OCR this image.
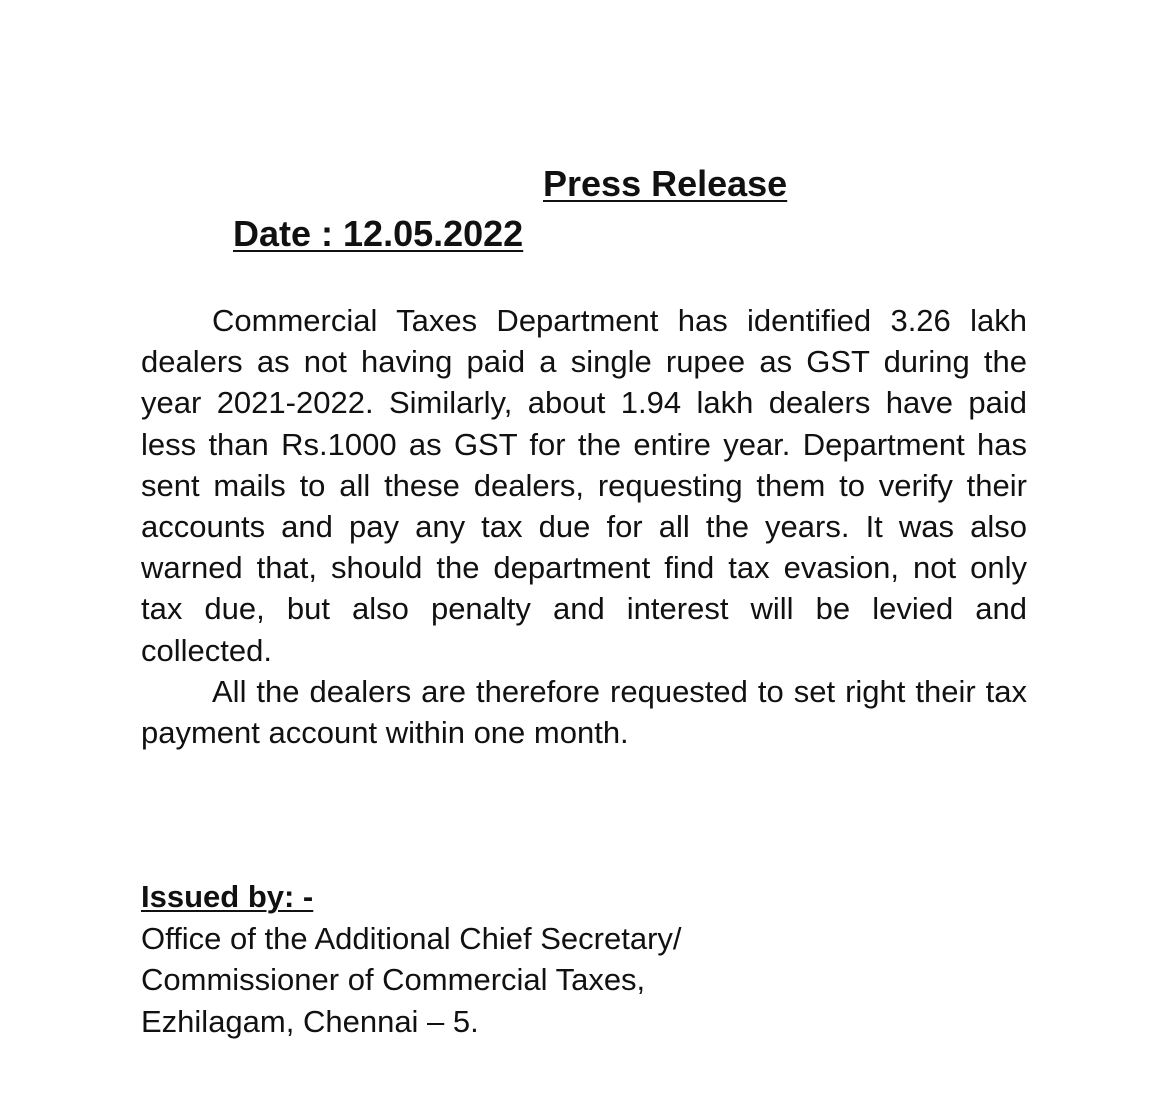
Press Release
Date : 12.05.2022

Commercial Taxes Department has identified 3.26 lakh dealers as not having paid a single rupee as GST during the year 2021-2022. Similarly, about 1.94 lakh dealers have paid less than Rs.1000 as GST for the entire year. Department has sent mails to all these dealers, requesting them to verify their accounts and pay any tax due for all the years. It was also warned that, should the department find tax evasion, not only tax due, but also penalty and interest will be levied and collected.

All the dealers are therefore requested to set right their tax payment account within one month.

Issued by: -
Office of the Additional Chief Secretary/
Commissioner of Commercial Taxes,
Ezhilagam, Chennai – 5.
